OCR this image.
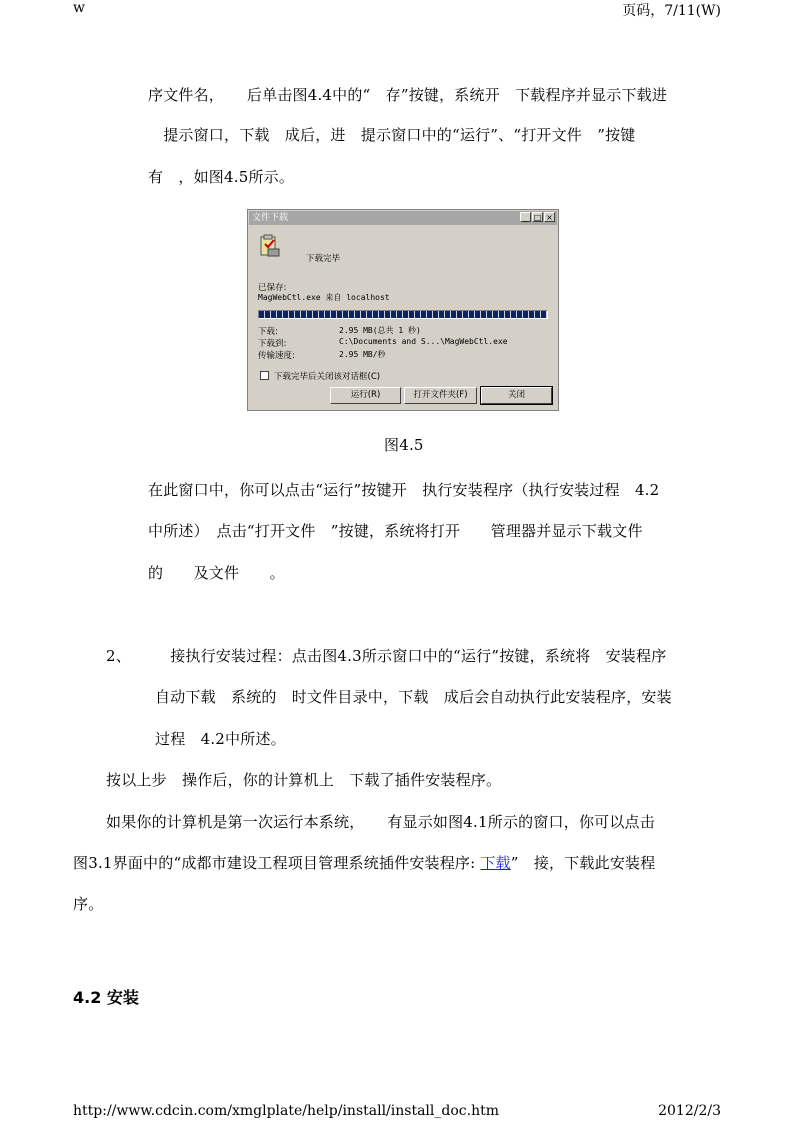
w	页码，7/11(W)
序文件名，　　后单击图4.4中的“　存”按键，系统开　下载程序并显示下载进
　提示窗口，下载　成后，进　提示窗口中的“运行”、“打开文件　”按键
有　，如图4.5所示。
文件下载	_ □ ×
下载完毕
已保存:
MagWebCtl.exe 来自 localhost
下载:	2.95 MB(总共 1 秒)
下载到:	C:\Documents and S...\MagWebCtl.exe
传输速度:	2.95 MB/秒
下载完毕后关闭该对话框(C)
运行(R)	打开文件夹(F)	关闭
图4.5
在此窗口中，你可以点击“运行”按键开　执行安装程序（执行安装过程　4.2
中所述）　点击“打开文件　”按键，系统将打开　　管理器并显示下载文件
的　　及文件　　。
2、 　接执行安装过程：点击图4.3所示窗口中的“运行”按键，系统将　安装程序
自动下载　系统的　时文件目录中，下载　成后会自动执行此安装程序，安装
过程　4.2中所述。
按以上步　操作后，你的计算机上　下载了插件安装程序。
如果你的计算机是第一次运行本系统，　　有显示如图4.1所示的窗口，你可以点击
图3.1界面中的“成都市建设工程项目管理系统插件安装程序: 下载”　接，下载此安装程
序。
4.2 安装
http://www.cdcin.com/xmglplate/help/install/install_doc.htm	2012/2/3
